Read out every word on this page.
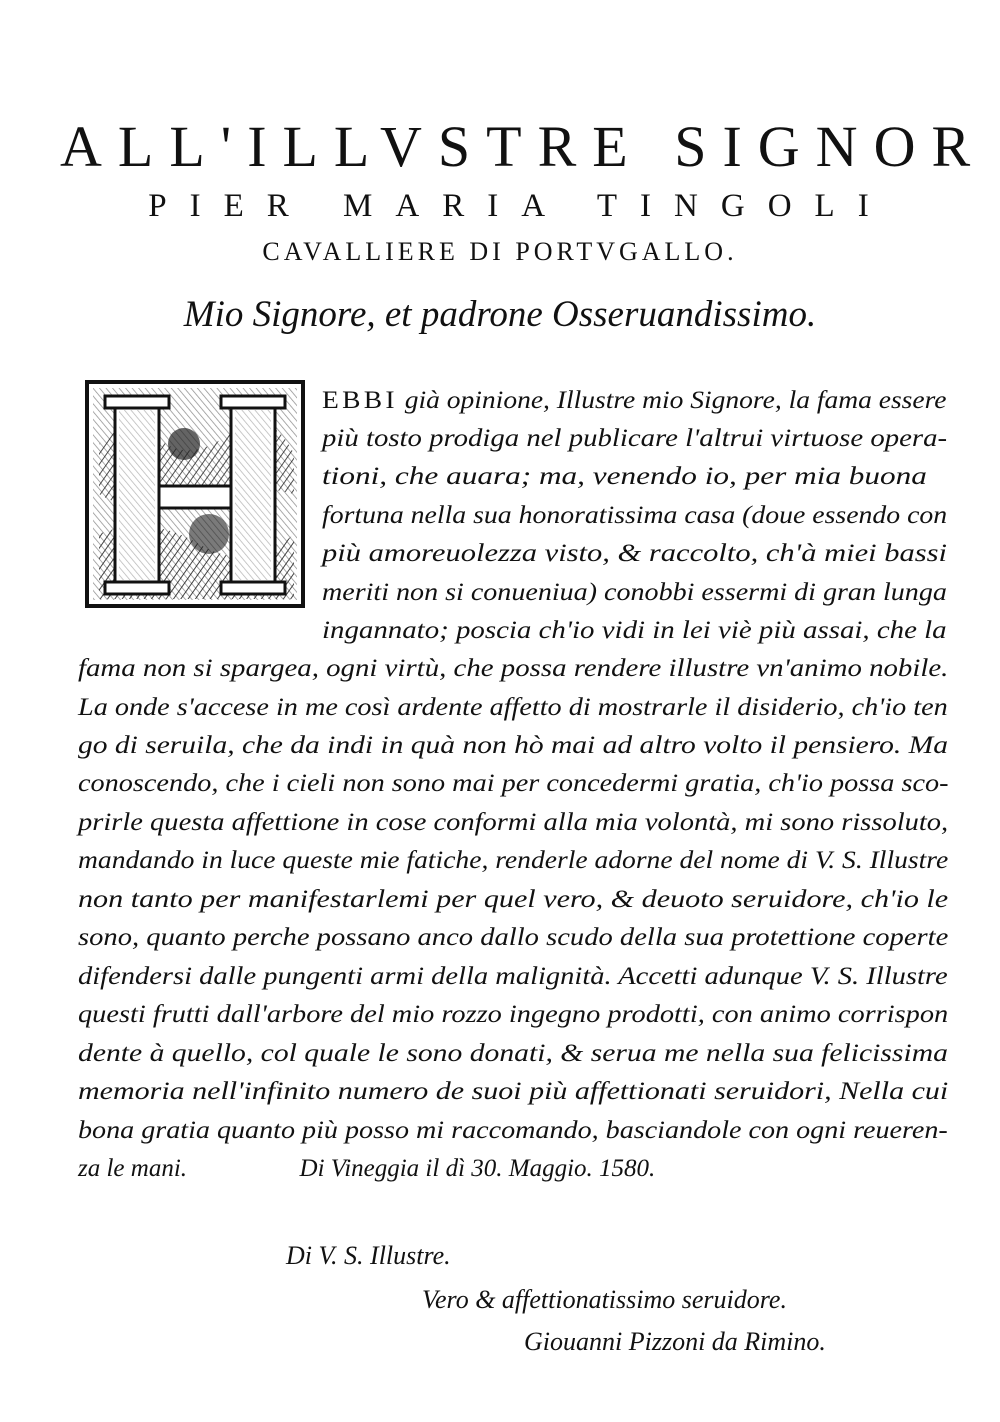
ALL'ILLVSTRE SIGNOR
PIER MARIA TINGOLI
CAVALLIERE DI PORTVGALLO.
Mio Signore, et padrone Osseruandissimo.
EBBI già opinione, Illustre mio Signore, la fama essere
più tosto prodiga nel publicare l'altrui virtuose opera-
tioni, che auara; ma, venendo io, per mia buona
fortuna nella sua honoratissima casa (doue essendo con
più amoreuolezza visto, & raccolto, ch'à miei bassi
meriti non si conueniua) conobbi essermi di gran lunga
ingannato; poscia ch'io vidi in lei viè più assai, che la
fama non si spargea, ogni virtù, che possa rendere illustre vn'animo nobile.
La onde s'accese in me così ardente affetto di mostrarle il disiderio, ch'io ten
go di seruila, che da indi in quà non hò mai ad altro volto il pensiero. Ma
conoscendo, che i cieli non sono mai per concedermi gratia, ch'io possa sco-
prirle questa affettione in cose conformi alla mia volontà, mi sono rissoluto,
mandando in luce queste mie fatiche, renderle adorne del nome di V. S. Illustre
non tanto per manifestarlemi per quel vero, & deuoto seruidore, ch'io le
sono, quanto perche possano anco dallo scudo della sua protettione coperte
difendersi dalle pungenti armi della malignità. Accetti adunque V. S. Illustre
questi frutti dall'arbore del mio rozzo ingegno prodotti, con animo corrispon
dente à quello, col quale le sono donati, & serua me nella sua felicissima
memoria nell'infinito numero de suoi più affettionati seruidori, Nella cui
bona gratia quanto più posso mi raccomando, basciandole con ogni reueren-
za le mani.	Di Vineggia il dì 30. Maggio. 1580.
Di V. S. Illustre.
Vero & affettionatissimo seruidore.
Giouanni Pizzoni da Rimino.
